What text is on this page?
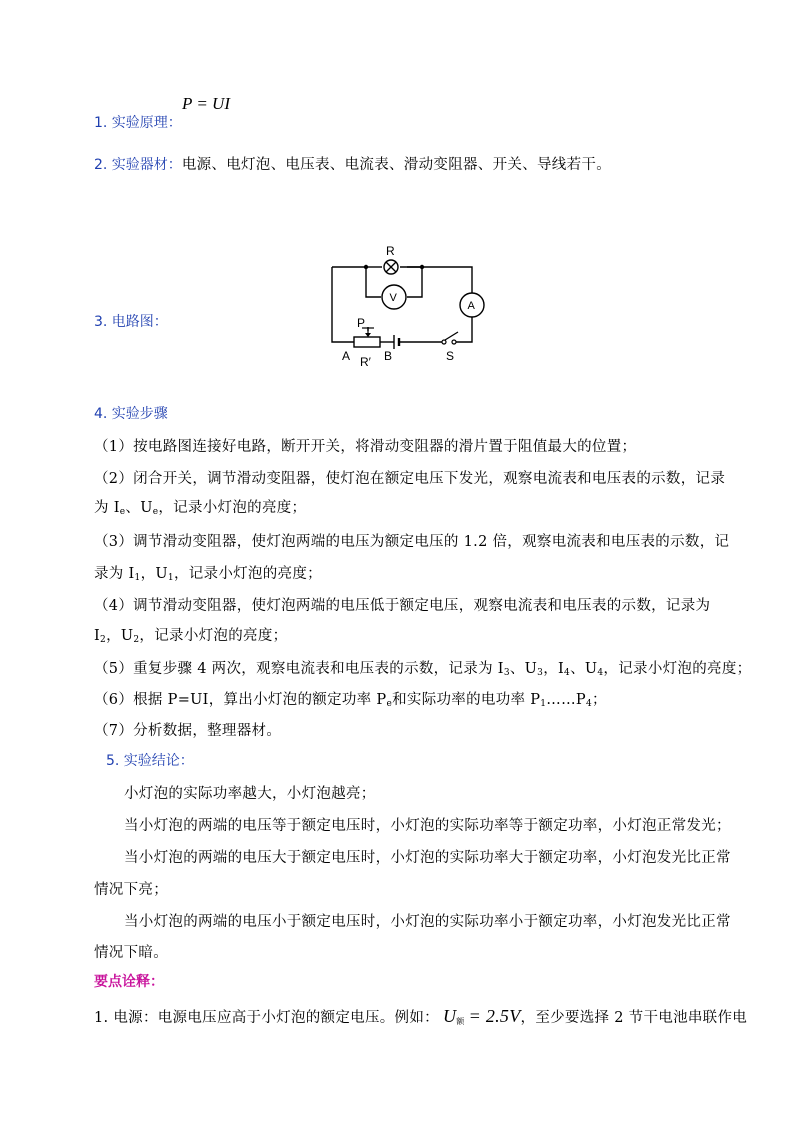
1. 实验原理：
P = UI
2. 实验器材：电源、电灯泡、电压表、电流表、滑动变阻器、开关、导线若干。
3. 电路图：
R
V
A
P
A R′ B	S
4. 实验步骤
（1）按电路图连接好电路，断开开关，将滑动变阻器的滑片置于阻值最大的位置；
（2）闭合开关，调节滑动变阻器，使灯泡在额定电压下发光，观察电流表和电压表的示数，记录
为 $I_e$、$U_e$，记录小灯泡的亮度；
（3）调节滑动变阻器，使灯泡两端的电压为额定电压的 1.2 倍，观察电流表和电压表的示数，记
录为 $I_1$，$U_1$，记录小灯泡的亮度；
（4）调节滑动变阻器，使灯泡两端的电压低于额定电压，观察电流表和电压表的示数，记录为
$I_2$，$U_2$，记录小灯泡的亮度；
（5）重复步骤 4 两次，观察电流表和电压表的示数，记录为 $I_3$、$U_3$，$I_4$、$U_4$，记录小灯泡的亮度；
（6）根据 P=UI，算出小灯泡的额定功率 $P_e$和实际功率的电功率 $P_1\dots\dots P_4$；
（7）分析数据，整理器材。
5. 实验结论：
小灯泡的实际功率越大，小灯泡越亮；
当小灯泡的两端的电压等于额定电压时，小灯泡的实际功率等于额定功率，小灯泡正常发光；
当小灯泡的两端的电压大于额定电压时，小灯泡的实际功率大于额定功率，小灯泡发光比正常
情况下亮；
当小灯泡的两端的电压小于额定电压时，小灯泡的实际功率小于额定功率，小灯泡发光比正常
情况下暗。
要点诠释：
1. 电源：电源电压应高于小灯泡的额定电压。例如： $U_额 = 2.5V$，至少要选择 2 节干电池串联作电
